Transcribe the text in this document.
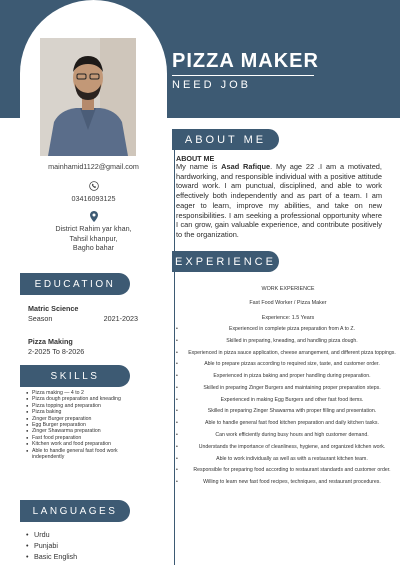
PIZZA MAKER
NEED JOB
mainhamid1122@gmail.com
03416093125
District Rahim yar khan,
Tahsil khanpur,
Bagho bahar
EDUCATION
Matric Science
Season	2021-2023
Pizza Making
2-2025 To 8-2026
SKILLS
● Pizza making — 4 to 2
● Pizza dough preparation and kneading
● Pizza topping and preparation
● Pizza baking
● Zinger Burger preparation
● Egg Burger preparation
● Zinger Shawarma preparation
● Fast food preparation
● Kitchen work and food preparation
● Able to handle general fast food work independently
LANGUAGES
• Urdu
• Punjabi
• Basic English
ABOUT ME
ABOUT ME
My name is Asad Rafique. My age 22 .I am a motivated, hardworking, and responsible individual with a positive attitude toward work. I am punctual, disciplined, and able to work effectively both independently and as part of a team. I am eager to learn, improve my abilities, and take on new responsibilities. I am seeking a professional opportunity where I can grow, gain valuable experience, and contribute positively to the organization.
EXPERIENCE
WORK EXPERIENCE
Fast Food Worker / Pizza Maker
Experience: 1.5 Years
• Experienced in complete pizza preparation from A to Z.
• Skilled in preparing, kneading, and handling pizza dough.
• Experienced in pizza sauce application, cheese arrangement, and different pizza toppings.
• Able to prepare pizzas according to required size, taste, and customer order.
• Experienced in pizza baking and proper handling during preparation.
• Skilled in preparing Zinger Burgers and maintaining proper preparation steps.
• Experienced in making Egg Burgers and other fast food items.
• Skilled in preparing Zinger Shawarma with proper filling and presentation.
• Able to handle general fast food kitchen preparation and daily kitchen tasks.
• Can work efficiently during busy hours and high customer demand.
• Understands the importance of cleanliness, hygiene, and organized kitchen work.
• Able to work individually as well as with a restaurant kitchen team.
• Responsible for preparing food according to restaurant standards and customer order.
• Willing to learn new fast food recipes, techniques, and restaurant procedures.
